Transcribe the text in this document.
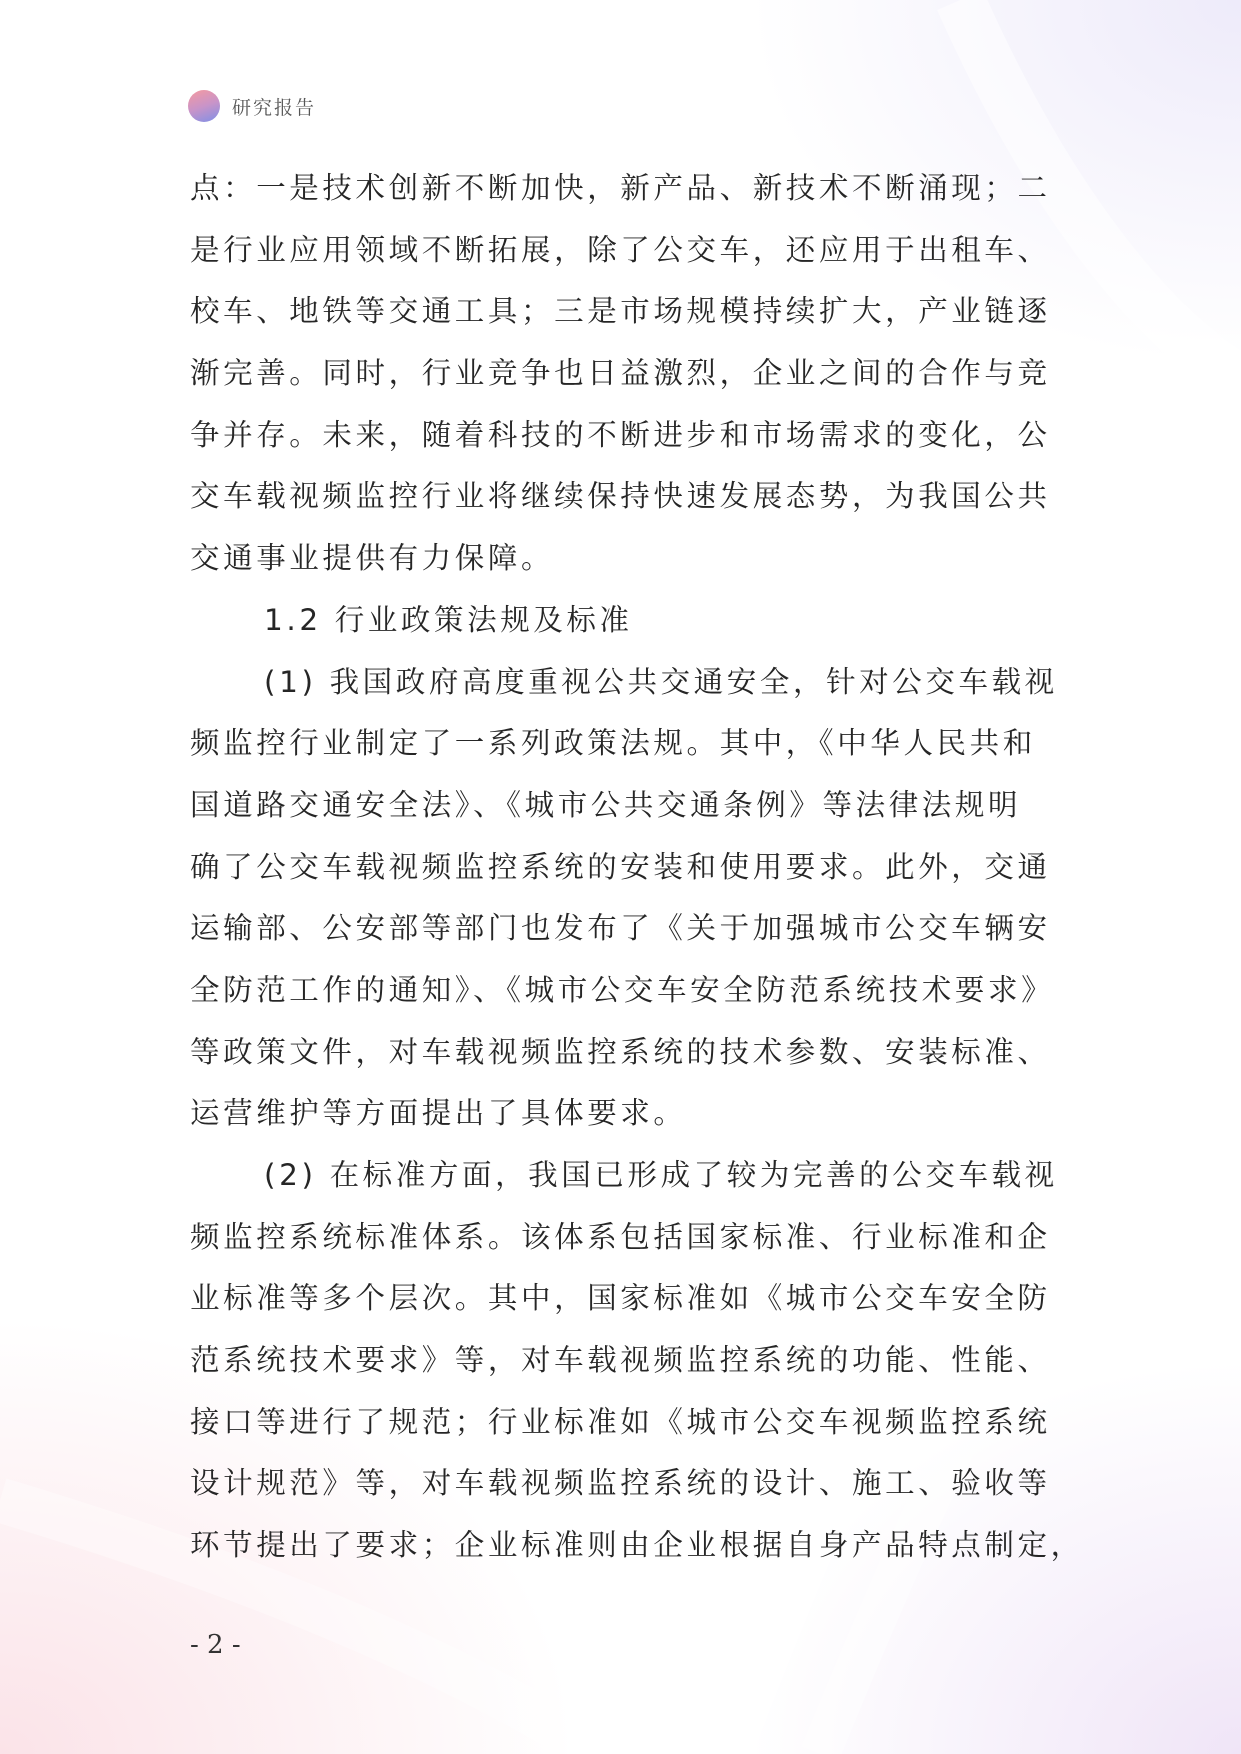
研究报告
点：一是技术创新不断加快，新产品、新技术不断涌现；二
是行业应用领域不断拓展，除了公交车，还应用于出租车、
校车、地铁等交通工具；三是市场规模持续扩大，产业链逐
渐完善。同时，行业竞争也日益激烈，企业之间的合作与竞
争并存。未来，随着科技的不断进步和市场需求的变化，公
交车载视频监控行业将继续保持快速发展态势，为我国公共
交通事业提供有力保障。
1.2 行业政策法规及标准
(1) 我国政府高度重视公共交通安全，针对公交车载视
频监控行业制定了一系列政策法规。其中，《中华人民共和
国道路交通安全法》、《城市公共交通条例》等法律法规明
确了公交车载视频监控系统的安装和使用要求。此外，交通
运输部、公安部等部门也发布了《关于加强城市公交车辆安
全防范工作的通知》、《城市公交车安全防范系统技术要求》
等政策文件，对车载视频监控系统的技术参数、安装标准、
运营维护等方面提出了具体要求。
(2) 在标准方面，我国已形成了较为完善的公交车载视
频监控系统标准体系。该体系包括国家标准、行业标准和企
业标准等多个层次。其中，国家标准如《城市公交车安全防
范系统技术要求》等，对车载视频监控系统的功能、性能、
接口等进行了规范；行业标准如《城市公交车视频监控系统
设计规范》等，对车载视频监控系统的设计、施工、验收等
环节提出了要求；企业标准则由企业根据自身产品特点制定，
- 2 -
